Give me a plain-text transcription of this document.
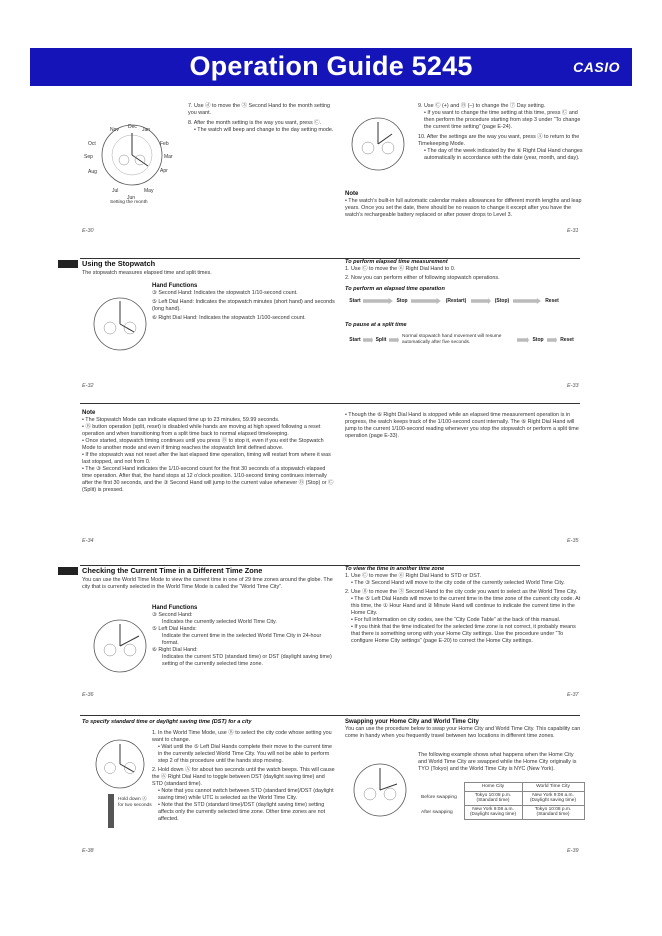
Operation Guide 5245	CASIO
Dec Jan
Feb
Mar
Apr
May
Jun
Jul
Aug
Sep
Oct
Nov
Setting the month
7. Use ⓓ to move the ③ Second Hand to the month setting you want.
8. After the month setting is the way you want, press Ⓒ.
• The watch will beep and change to the day setting mode.
9. Use Ⓒ (+) and Ⓑ (–) to change the ⑦ Day setting.
• If you want to change the time setting at this time, press Ⓒ and then perform the procedure starting from step 3 under “To change the current time setting” (page E-24).
10. After the settings are the way you want, press Ⓐ to return to the Timekeeping Mode.
• The day of the week indicated by the ⑥ Right Dial Hand changes automatically in accordance with the date (year, month, and day).
Note
• The watch’s built-in full automatic calendar makes allowances for different month lengths and leap years. Once you set the date, there should be no reason to change it except after you have the watch’s rechargeable battery replaced or after power drops to Level 3.
E-30	E-31
Using the Stopwatch
The stopwatch measures elapsed time and split times.
Hand Functions
③ Second Hand: Indicates the stopwatch 1/10-second count.
⑤ Left Dial Hand: Indicates the stopwatch minutes (short hand) and seconds (long hand).
⑥ Right Dial Hand: Indicates the stopwatch 1/100-second count.
To perform elapsed time measurement
1. Use Ⓒ to move the ⑥ Right Dial Hand to 0.
2. Now you can perform either of following stopwatch operations.
To perform an elapsed time operation
Start	Stop	(Restart)	(Stop)	Reset
To pause at a split time
Start	Split
Normal stopwatch hand movement will resume automatically after five seconds.	Stop	Reset
E-32	E-33
Note
• The Stopwatch Mode can indicate elapsed time up to 23 minutes, 59.99 seconds.
• Ⓑ button operation (split, reset) is disabled while hands are moving at high speed following a reset operation and when transitioning from a split time back to normal elapsed timekeeping.
• Once started, stopwatch timing continues until you press Ⓑ to stop it, even if you exit the Stopwatch Mode to another mode and even if timing reaches the stopwatch limit defined above.
• If the stopwatch was not reset after the last elapsed time operation, timing will restart from where it was last stopped, and not from 0.
• The ③ Second Hand indicates the 1/10-second count for the first 30 seconds of a stopwatch elapsed time operation. After that, the hand stops at 12 o’clock position. 1/10-second timing continues internally after the first 30 seconds, and the ③ Second Hand will jump to the current value whenever Ⓑ (Stop) or Ⓒ (Split) is pressed.
• Though the ⑥ Right Dial Hand is stopped while an elapsed time measurement operation is in progress, the watch keeps track of the 1/100-second count internally. The ⑥ Right Dial Hand will jump to the current 1/100-second reading whenever you stop the stopwatch or perform a split time operation (page E-33).
E-34	E-35
Checking the Current Time in a Different Time Zone
You can use the World Time Mode to view the current time in one of 29 time zones around the globe. The city that is currently selected in the World Time Mode is called the “World Time City”.
Hand Functions
③ Second Hand:
Indicates the currently selected World Time City.
⑤ Left Dial Hands:
Indicate the current time in the selected World Time City in 24-hour format.
⑥ Right Dial Hand:
Indicates the current STD (standard time) or DST (daylight saving time) setting of the currently selected time zone.
To view the time in another time zone
1. Use Ⓒ to move the ⑥ Right Dial Hand to STD or DST.
• The ③ Second Hand will move to the city code of the currently selected World Time City.
2. Use Ⓑ to move the ③ Second Hand to the city code you want to select as the World Time City.
• The ⑤ Left Dial Hands will move to the current time in the time zone of the current city code. At this time, the ① Hour Hand and ② Minute Hand will continue to indicate the current time in the Home City.
• For full information on city codes, see the “City Code Table” at the back of this manual.
• If you think that the time indicated for the selected time zone is not correct, it probably means that there is something wrong with your Home City settings. Use the procedure under “To configure Home City settings” (page E-20) to correct the Home City settings.
E-36	E-37
To specify standard time or daylight saving time (DST) for a city
Hold down Ⓐ for two seconds
1. In the World Time Mode, use Ⓑ to select the city code whose setting you want to change.
• Wait until the ⑤ Left Dial Hands complete their move to the current time in the currently selected World Time City. You will not be able to perform step 2 of this procedure until the hands stop moving.
2. Hold down Ⓐ for about two seconds until the watch beeps. This will cause the ⑥ Right Dial Hand to toggle between DST (daylight saving time) and STD (standard time).
• Note that you cannot switch between STD (standard time)/DST (daylight saving time) while UTC is selected as the World Time City.
• Note that the STD (standard time)/DST (daylight saving time) setting affects only the currently selected time zone. Other time zones are not affected.
Swapping your Home City and World Time City
You can use the procedure below to swap your Home City and World Time City. This capability can come in handy when you frequently travel between two locations in different time zones.
The following example shows what happens when the Home City and World Time City are swapped while the Home City originally is TYO (Tokyo) and the World Time City is NYC (New York).
	Home City	World Time City
Before swapping	Tokyo 10:08 p.m. (Standard time)	New York 9:08 a.m. (Daylight saving time)
After swapping	New York 9:08 a.m. (Daylight saving time)	Tokyo 10:08 p.m. (Standard time)
E-38	E-39
